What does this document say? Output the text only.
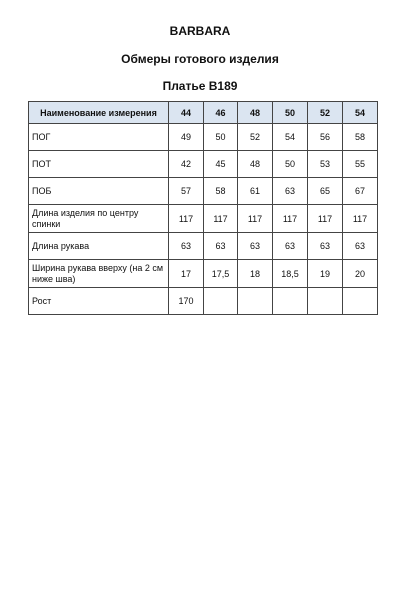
BARBARA
Обмеры готового изделия
Платье B189
Наименование измерения	44	46	48	50	52	54
ПОГ	49	50	52	54	56	58
ПОТ	42	45	48	50	53	55
ПОБ	57	58	61	63	65	67
Длина изделия по центру спинки	117	117	117	117	117	117
Длина рукава	63	63	63	63	63	63
Ширина рукава вверху (на 2 см ниже шва)	17	17,5	18	18,5	19	20
Рост	170					
